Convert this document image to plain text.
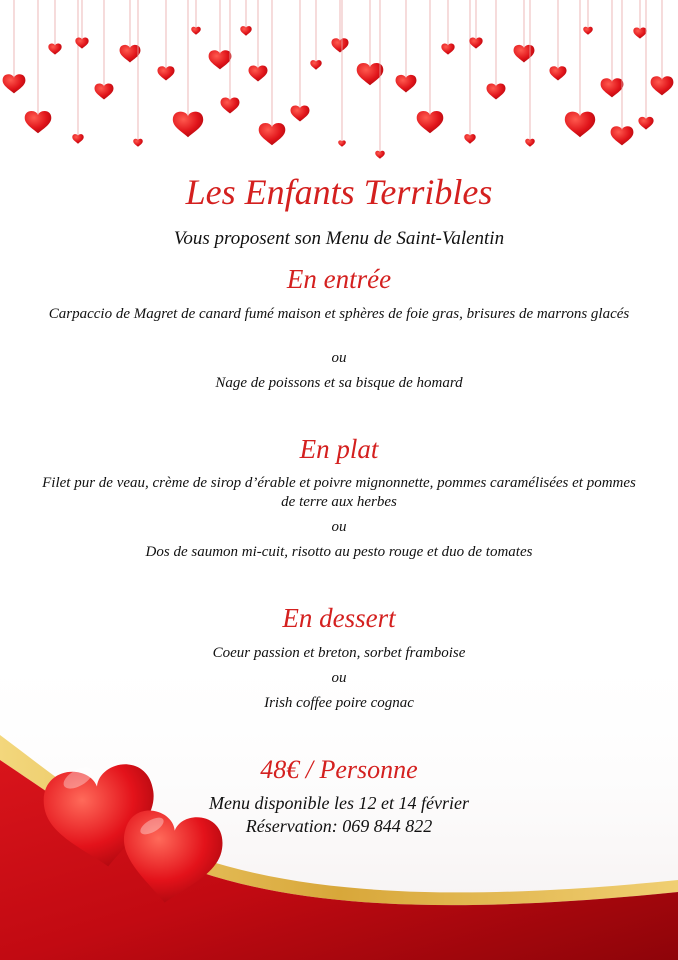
Les Enfants Terribles
Vous proposent son Menu de Saint-Valentin
En entrée
Carpaccio de Magret de canard fumé maison et sphères de foie gras, brisures de marrons glacés
ou
Nage de poissons et sa bisque de homard
En plat
Filet pur de veau, crème de sirop d’érable et poivre mignonnette, pommes caramélisées et pommes de terre aux herbes
ou
Dos de saumon mi-cuit, risotto au pesto rouge et duo de tomates
En dessert
Coeur passion et breton, sorbet framboise
ou
Irish coffee poire cognac
48€ / Personne
Menu disponible les 12 et 14 février
Réservation: 069 844 822
